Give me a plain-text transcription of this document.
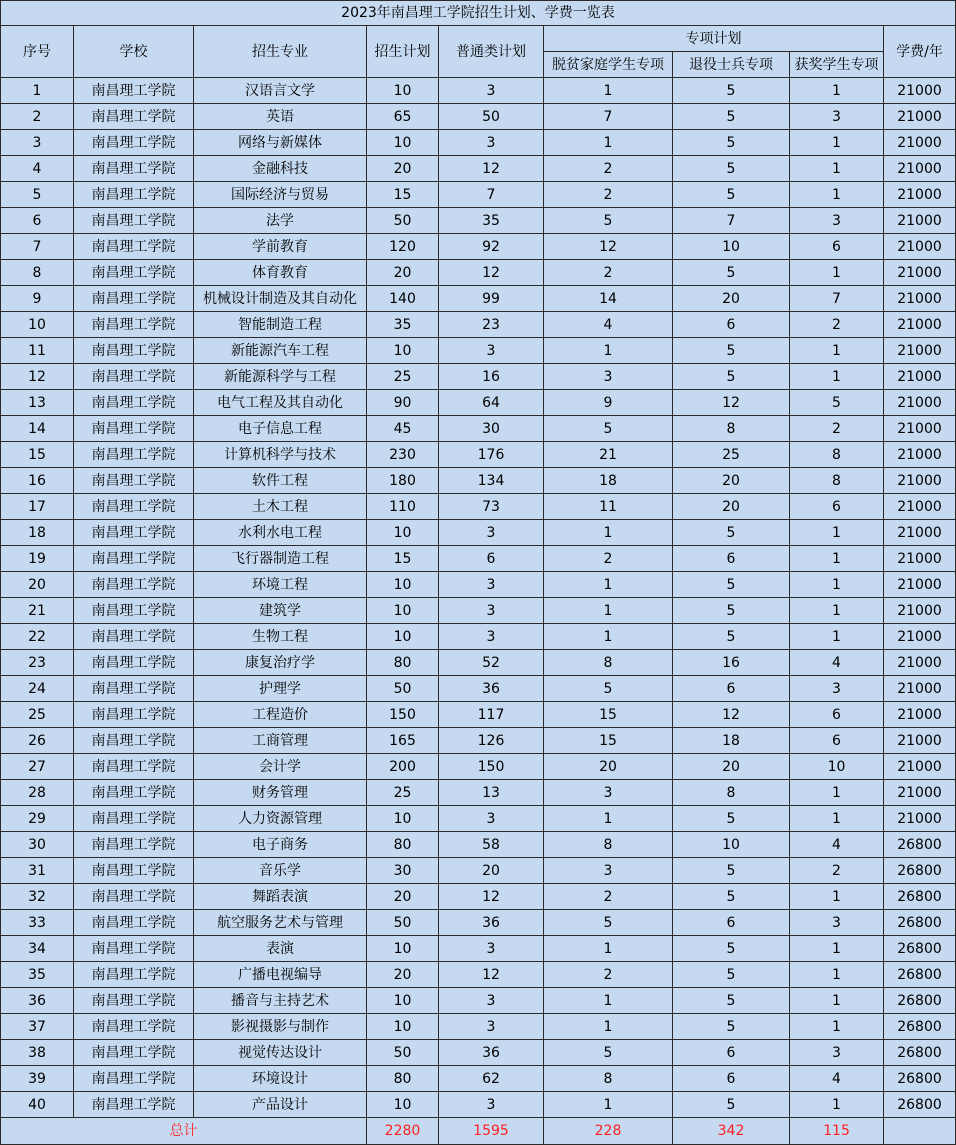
2023年南昌理工学院招生计划、学费一览表								
序号	学校	招生专业	招生计划	普通类计划	专项计划			学费/年
					脱贫家庭学生专项	退役士兵专项	获奖学生专项	
1	南昌理工学院	汉语言文学	10	3	1	5	1	21000
2	南昌理工学院	英语	65	50	7	5	3	21000
3	南昌理工学院	网络与新媒体	10	3	1	5	1	21000
4	南昌理工学院	金融科技	20	12	2	5	1	21000
5	南昌理工学院	国际经济与贸易	15	7	2	5	1	21000
6	南昌理工学院	法学	50	35	5	7	3	21000
7	南昌理工学院	学前教育	120	92	12	10	6	21000
8	南昌理工学院	体育教育	20	12	2	5	1	21000
9	南昌理工学院	机械设计制造及其自动化	140	99	14	20	7	21000
10	南昌理工学院	智能制造工程	35	23	4	6	2	21000
11	南昌理工学院	新能源汽车工程	10	3	1	5	1	21000
12	南昌理工学院	新能源科学与工程	25	16	3	5	1	21000
13	南昌理工学院	电气工程及其自动化	90	64	9	12	5	21000
14	南昌理工学院	电子信息工程	45	30	5	8	2	21000
15	南昌理工学院	计算机科学与技术	230	176	21	25	8	21000
16	南昌理工学院	软件工程	180	134	18	20	8	21000
17	南昌理工学院	土木工程	110	73	11	20	6	21000
18	南昌理工学院	水利水电工程	10	3	1	5	1	21000
19	南昌理工学院	飞行器制造工程	15	6	2	6	1	21000
20	南昌理工学院	环境工程	10	3	1	5	1	21000
21	南昌理工学院	建筑学	10	3	1	5	1	21000
22	南昌理工学院	生物工程	10	3	1	5	1	21000
23	南昌理工学院	康复治疗学	80	52	8	16	4	21000
24	南昌理工学院	护理学	50	36	5	6	3	21000
25	南昌理工学院	工程造价	150	117	15	12	6	21000
26	南昌理工学院	工商管理	165	126	15	18	6	21000
27	南昌理工学院	会计学	200	150	20	20	10	21000
28	南昌理工学院	财务管理	25	13	3	8	1	21000
29	南昌理工学院	人力资源管理	10	3	1	5	1	21000
30	南昌理工学院	电子商务	80	58	8	10	4	26800
31	南昌理工学院	音乐学	30	20	3	5	2	26800
32	南昌理工学院	舞蹈表演	20	12	2	5	1	26800
33	南昌理工学院	航空服务艺术与管理	50	36	5	6	3	26800
34	南昌理工学院	表演	10	3	1	5	1	26800
35	南昌理工学院	广播电视编导	20	12	2	5	1	26800
36	南昌理工学院	播音与主持艺术	10	3	1	5	1	26800
37	南昌理工学院	影视摄影与制作	10	3	1	5	1	26800
38	南昌理工学院	视觉传达设计	50	36	5	6	3	26800
39	南昌理工学院	环境设计	80	62	8	6	4	26800
40	南昌理工学院	产品设计	10	3	1	5	1	26800
总计			2280	1595	228	342	115	
